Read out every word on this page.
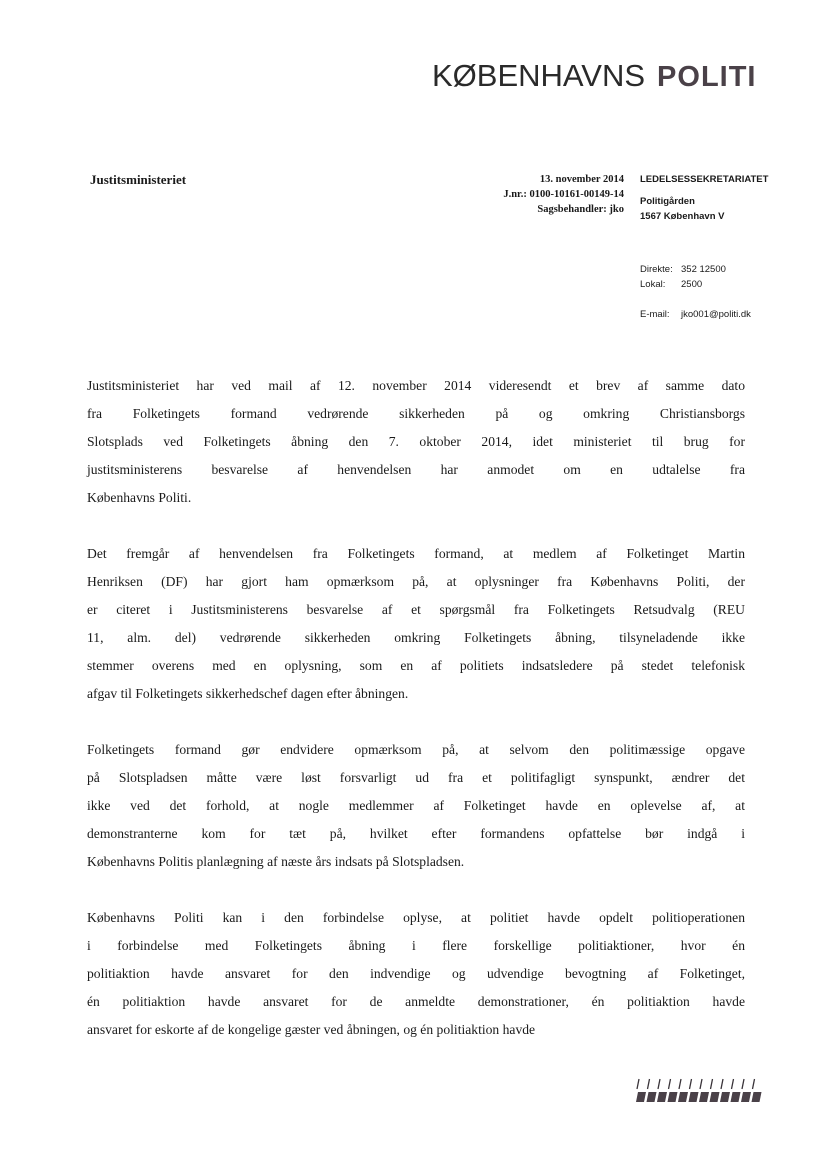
KØBENHAVNS POLITI
Justitsministeriet	13. november 2014
J.nr.: 0100-10161-00149-14
Sagsbehandler: jko
LEDELSESSEKRETARIATET
Politigården
1567 København V
Direkte: 352 12500
Lokal: 2500
E-mail: jko001@politi.dk
Justitsministeriet har ved mail af 12. november 2014 videresendt et brev af samme dato
fra Folketingets formand vedrørende sikkerheden på og omkring Christiansborgs
Slotsplads ved Folketingets åbning den 7. oktober 2014, idet ministeriet til brug for
justitsministerens besvarelse af henvendelsen har anmodet om en udtalelse fra
Københavns Politi.
Det fremgår af henvendelsen fra Folketingets formand, at medlem af Folketinget Martin
Henriksen (DF) har gjort ham opmærksom på, at oplysninger fra Københavns Politi, der
er citeret i Justitsministerens besvarelse af et spørgsmål fra Folketingets Retsudvalg (REU
11, alm. del) vedrørende sikkerheden omkring Folketingets åbning, tilsyneladende ikke
stemmer overens med en oplysning, som en af politiets indsatsledere på stedet telefonisk
afgav til Folketingets sikkerhedschef dagen efter åbningen.
Folketingets formand gør endvidere opmærksom på, at selvom den politimæssige opgave
på Slotspladsen måtte være løst forsvarligt ud fra et politifagligt synspunkt, ændrer det
ikke ved det forhold, at nogle medlemmer af Folketinget havde en oplevelse af, at
demonstranterne kom for tæt på, hvilket efter formandens opfattelse bør indgå i
Københavns Politis planlægning af næste års indsats på Slotspladsen.
Københavns Politi kan i den forbindelse oplyse, at politiet havde opdelt politioperationen
i forbindelse med Folketingets åbning i flere forskellige politiaktioner, hvor én
politiaktion havde ansvaret for den indvendige og udvendige bevogtning af Folketinget,
én politiaktion havde ansvaret for de anmeldte demonstrationer, én politiaktion havde
ansvaret for eskorte af de kongelige gæster ved åbningen, og én politiaktion havde
